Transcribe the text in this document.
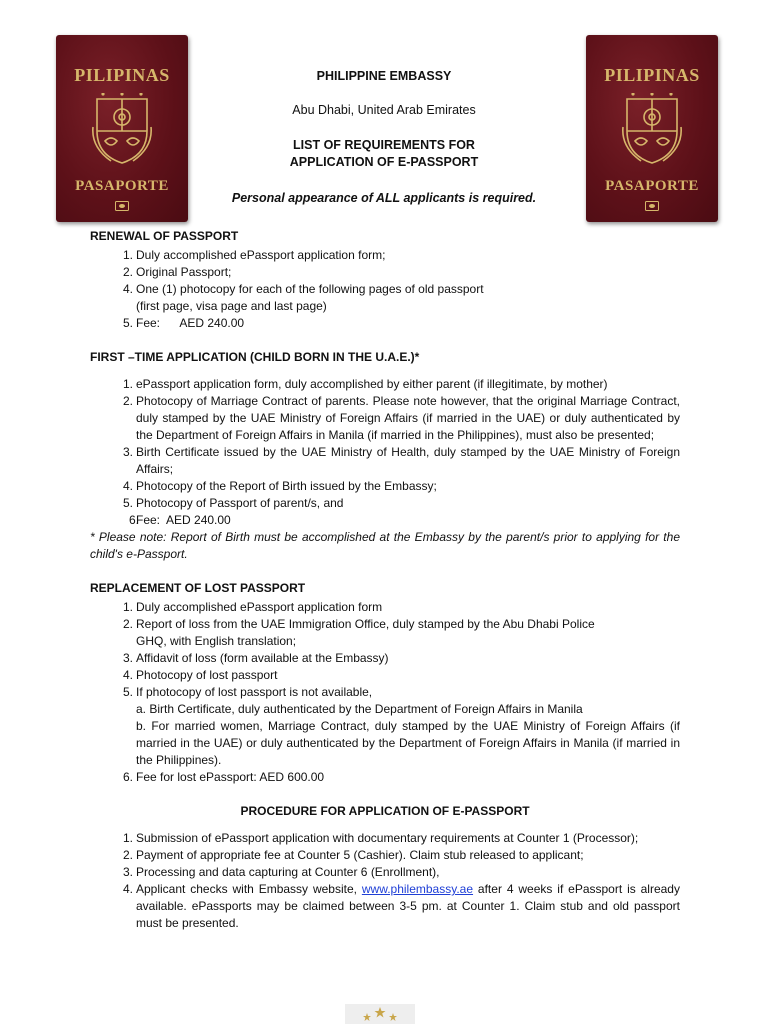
PILIPINAS
PASAPORTE
PILIPINAS
PASAPORTE
PHILIPPINE EMBASSY
Abu Dhabi, United Arab Emirates
LIST OF REQUIREMENTS FOR
APPLICATION OF E-PASSPORT
Personal appearance of ALL applicants is required.

RENEWAL OF PASSPORT

1. Duly accomplished ePassport application form;
2. Original Passport;
4. One (1) photocopy for each of the following pages of old passport
(first page, visa page and last page)
5. Fee:      AED 240.00

FIRST –TIME APPLICATION (CHILD BORN IN THE U.A.E.)*

1. ePassport application form, duly accomplished by either parent (if illegitimate, by mother)
2. Photocopy of Marriage Contract of parents. Please note however, that the original Marriage Contract, duly stamped by the UAE Ministry of Foreign Affairs (if married in the UAE) or duly authenticated by the Department of Foreign Affairs in Manila (if married in the Philippines), must also be presented;
3. Birth Certificate issued by the UAE Ministry of Health, duly stamped by the UAE Ministry of Foreign Affairs;
4. Photocopy of the Report of Birth issued by the Embassy;
5. Photocopy of Passport of parent/s, and
6.
Fee:  AED 240.00

* Please note: Report of Birth must be accomplished at the Embassy by the parent/s prior to applying for the child's e-Passport.

REPLACEMENT OF LOST PASSPORT

1. Duly accomplished ePassport application form
2. Report of loss from the UAE Immigration Office, duly stamped by the Abu Dhabi Police
GHQ, with English translation;
3. Affidavit of loss (form available at the Embassy)
4. Photocopy of lost passport
5. If photocopy of lost passport is not available,
a. Birth Certificate, duly authenticated by the Department of Foreign Affairs in Manila
b. For married women, Marriage Contract, duly stamped by the UAE Ministry of Foreign Affairs (if married in the UAE) or duly authenticated by the Department of Foreign Affairs in Manila (if married in the Philippines).
6. Fee for lost ePassport: AED 600.00

PROCEDURE FOR APPLICATION OF E-PASSPORT

1. Submission of ePassport application with documentary requirements at Counter 1 (Processor);
2. Payment of appropriate fee at Counter 5 (Cashier). Claim stub released to applicant;
3. Processing and data capturing at Counter 6 (Enrollment),
4. Applicant checks with Embassy website, www.philembassy.ae after 4 weeks if ePassport is already available. ePassports may be claimed between 3-5 pm. at Counter 1. Claim stub and old passport must be presented.
